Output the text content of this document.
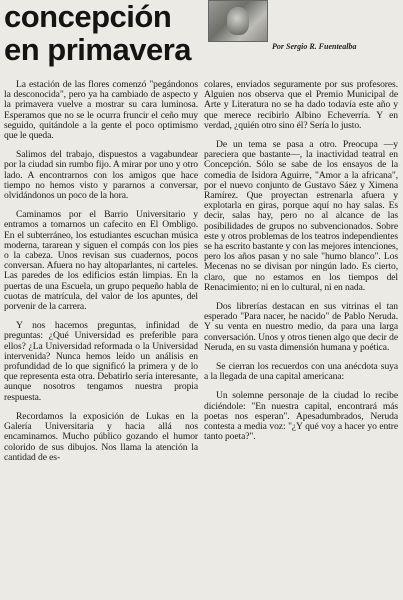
concepción
en primavera	Por Sergio R. Fuentealba

La estación de las flores comenzó "pegándonos la desconocida", pero ya ha cambiado de aspecto y la primavera vuelve a mostrar su cara luminosa. Esperamos que no se le ocurra fruncir el ceño muy seguido, quitándole a la gente el poco optimismo que le queda.

Salimos del trabajo, dispuestos a vagabundear por la ciudad sin rumbo fijo. A mirar por uno y otro lado. A encontrarnos con los amigos que hace tiempo no hemos visto y pararnos a conversar, olvidándonos un poco de la hora.

Caminamos por el Barrio Universitario y entramos a tomarnos un cafecito en El Ombligo. En el subterráneo, los estudiantes escuchan música moderna, tararean y siguen el compás con los pies o la cabeza. Unos revisan sus cuadernos, pocos conversan. Afuera no hay altoparlantes, ni carteles. Las paredes de los edificios están limpias. En la puertas de una Escuela, un grupo pequeño habla de cuotas de matrícula, del valor de los apuntes, del porvenir de la carrera.

Y nos hacemos preguntas, infinidad de preguntas: ¿Qué Universidad es preferible para ellos? ¿La Universidad reformada o la Universidad intervenida? Nunca hemos leído un análisis en profundidad de lo que significó la primera y de lo que representa esta otra. Debatirlo sería interesante, aunque nosotros tengamos nuestra propia respuesta.

Recordamos la exposición de Lukas en la Galería Universitaria y hacia allá nos encaminamos. Mucho público gozando el humor colorido de sus dibujos. Nos llama la atención la cantidad de es-

colares, enviados seguramente por sus profesores. Alguien nos observa que el Premio Municipal de Arte y Literatura no se ha dado todavía este año y que merece recibirlo Albino Echeverría. Y en verdad, ¿quién otro sino él? Sería lo justo.

De un tema se pasa a otro. Preocupa —y pareciera que bastante—, la inactividad teatral en Concepción. Sólo se sabe de los ensayos de la comedia de Isidora Aguirre, "Amor a la africana", por el nuevo conjunto de Gustavo Sáez y Ximena Ramírez. Que proyectan estrenarla afuera y explotarla en giras, porque aquí no hay salas. Es decir, salas hay, pero no al alcance de las posibilidades de grupos no subvencionados. Sobre este y otros problemas de los teatros independientes se ha escrito bastante y con las mejores intenciones, pero los años pasan y no sale "humo blanco". Los Mecenas no se divisan por ningún lado. Es cierto, claro, que no estamos en los tiempos del Renacimiento; ni en lo cultural, ni en nada.

Dos librerías destacan en sus vitrinas el tan esperado "Para nacer, he nacido" de Pablo Neruda. Y su venta en nuestro medio, da para una larga conversación. Unos y otros tienen algo que decir de Neruda, en su vasta dimensión humana y poética.

Se cierran los recuerdos con una anécdota suya a la llegada de una capital americana:

Un solemne personaje de la ciudad lo recibe diciéndole: "En nuestra capital, encontrará más poetas nos esperan". Apesadumbrados, Neruda contesta a media voz: "¿Y qué voy a hacer yo entre tanto poeta?".
